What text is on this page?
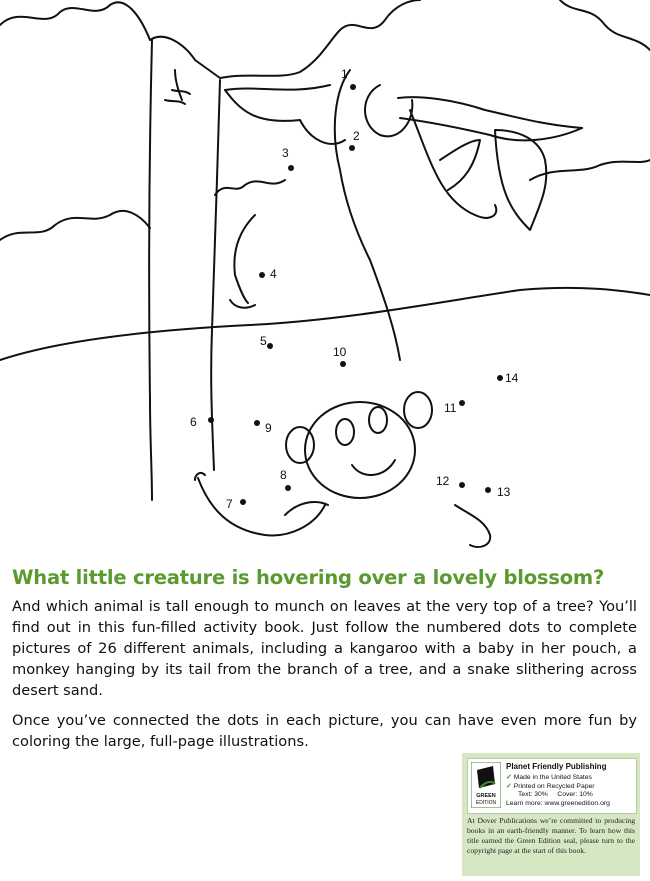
1
2
3
4
5
6
7
8
9
10
11
12
13
14
What little creature is hovering over a lovely blossom?

And which animal is tall enough to munch on leaves at the very top of a tree? You’ll find out in this fun-filled activity book. Just follow the numbered dots to complete pictures of 26 different animals, including a kangaroo with a baby in her pouch, a monkey hanging by its tail from the branch of a tree, and a snake slithering across desert sand.

Once you’ve connected the dots in each picture, you can have even more fun by coloring the large, full-page illustrations.

GREEN
EDITION
Planet Friendly Publishing
✓ Made in the United States
✓ Printed on Recycled Paper
Text: 30%     Cover: 10%
Learn more: www.greenedition.org
At Dover Publications we’re committed to producing books in an earth-friendly manner. To learn how this title earned the Green Edition seal, please turn to the copyright page at the start of this book.
